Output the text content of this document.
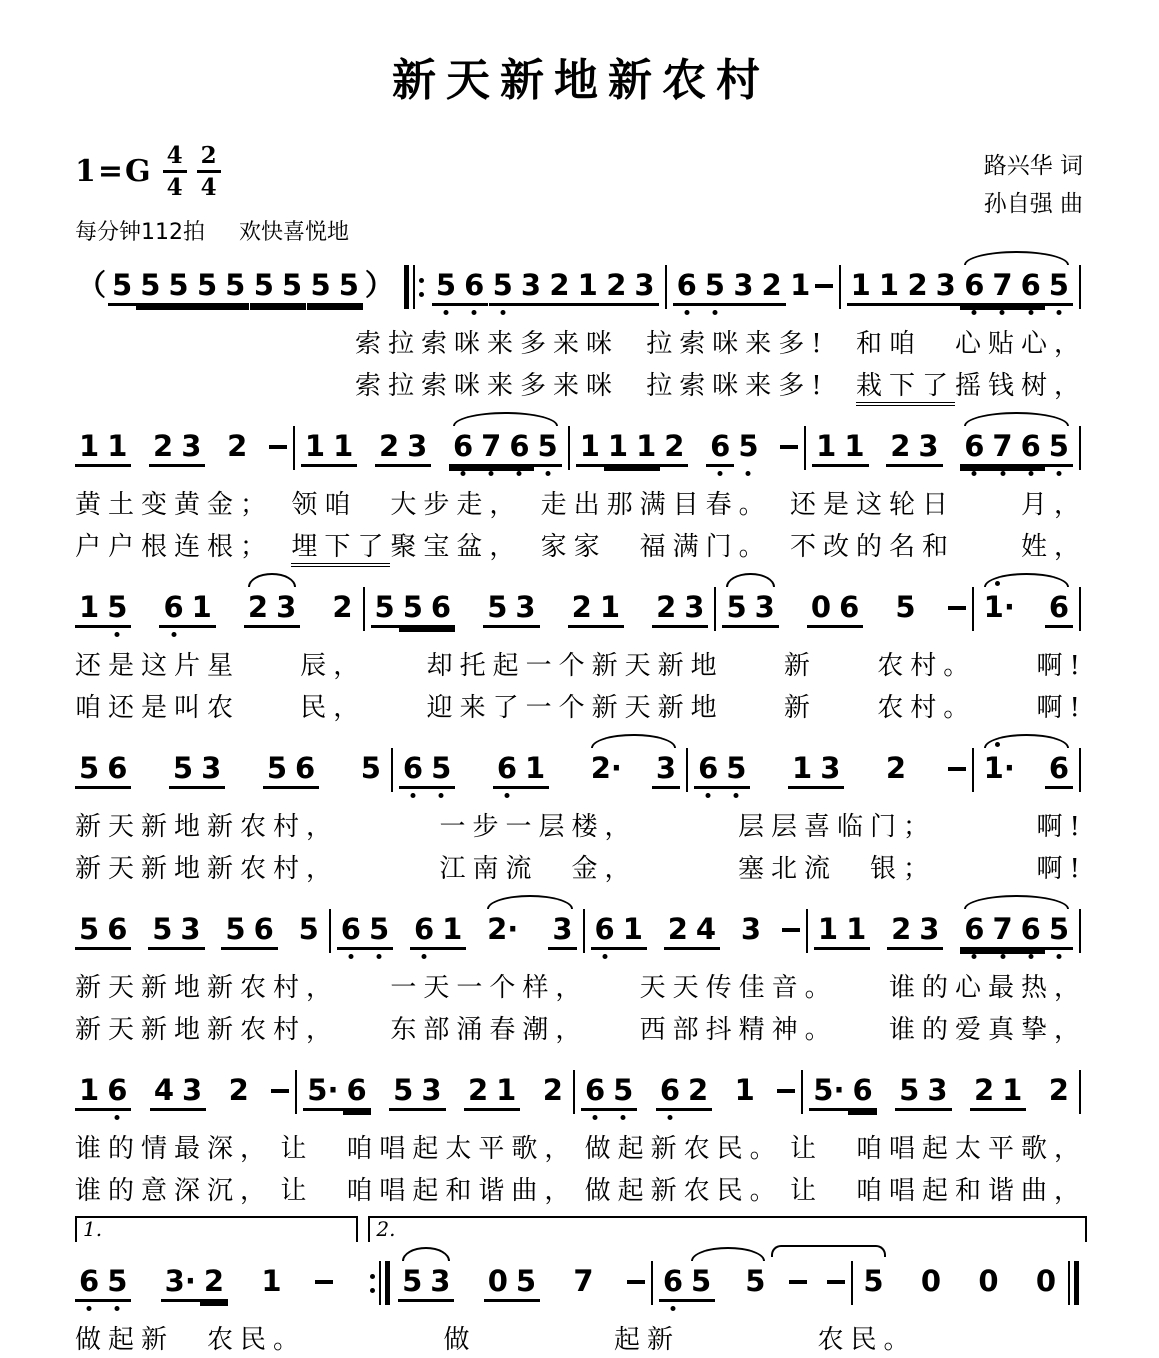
新天新地新农村
$1=G \frac{4}{4} \frac{2}{4}$
每分钟112拍 欢快喜悦地
路兴华 词
孙自强 曲
（ 5 5 5 5 5 5 5 5 5 ） 5 6 5 3 2 1 2 3 6 5 3 2 1 1 1 2 3 6 7 6 5
索拉索咪来多来咪 拉索咪来多! 和咱　心贴心，
索拉索咪来多来咪 拉索咪来多! 栽下了摇钱树，
1 1 2 3 2 1 1 2 3 6 7 6 5 1 1 1 2 6 5 1 1 2 3 6 7 6 5
黄土变黄金； 领咱　大步走， 走出那满目春。 还是这轮日　　月，
户户根连根； 埋下了聚宝盆， 家家　福满门。 不改的名和　　姓，
1 5 6 1 2 3 2 5 5 6 5 3 2 1 2 3 5 3 0 6 5 1· 6
还是这片星 辰， 却托起一个新天新地 新 农村。 啊!
咱还是叫农 民， 迎来了一个新天新地 新 农村。 啊!
5 6 5 3 5 6 5 6 5 6 1 2· 3 6 5 1 3 2	1· 6
新天新地新农村，	一步一层楼，	层层喜临门；	啊!
新天新地新农村，	江南流　金，	塞北流　银；	啊!
5 6 5 3 5 6 5 6 5 6 1 2· 3 6 1 2 4 3 1 1 2 3 6 7 6 5
新天新地新农村， 一天一个样， 天天传佳音。 谁的心最热，
新天新地新农村， 东部涌春潮， 西部抖精神。 谁的爱真挚，
1 6 4 3 2 5· 6 5 3 2 1 2 6 5 6 2 1 5· 6 5 3 2 1 2
谁的情最深， 让　咱唱起太平歌， 做起新农民。 让　咱唱起太平歌，
谁的意深沉， 让　咱唱起和谐曲， 做起新农民。 让　咱唱起和谐曲，
1.	2.
6 5 3· 2 1	5 3 0 5 7 6 5 5	5 0 0 0
做起新　农民。	做	起新	农民。
